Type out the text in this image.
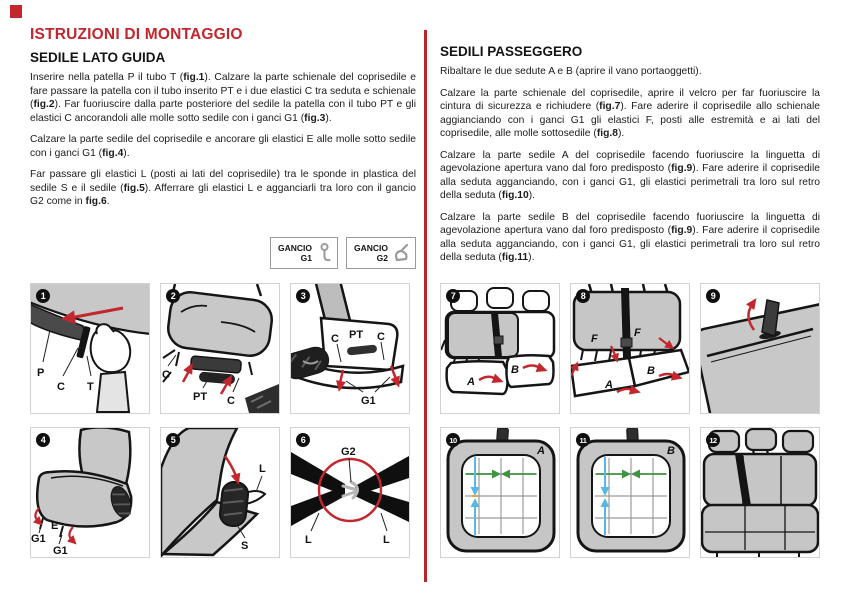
ISTRUZIONI DI MONTAGGIO
SEDILE LATO GUIDA

Inserire nella patella P il tubo T (fig.1). Calzare la parte schienale del coprisedile e fare passare la patella con il tubo inserito PT e i due elastici C tra seduta e schienale (fig.2). Far fuoriuscire dalla parte posteriore del sedile la patella con il tubo PT e gli elastici C ancorandoli alle molle sotto sedile con i ganci G1 (fig.3).

Calzare la parte sedile del coprisedile e ancorare gli elastici E alle molle sotto sedile con i ganci G1 (fig.4).

Far passare gli elastici L (posti ai lati del coprisedile) tra le sponde in plastica del sedile S e il sedile (fig.5). Afferrare gli elastici L e agganciarli tra loro con il gancio G2 come in fig.6.

GANCIO
G1
GANCIO
G2
SEDILI PASSEGGERO

Ribaltare le due sedute A e B (aprire il vano portaoggetti).

Calzare la parte schienale del coprisedile, aprire il velcro per far fuoriuscire la cintura di sicurezza e richiudere (fig.7). Fare aderire il coprisedile allo schienale aggianciando con i ganci G1 gli elastici F, posti alle estremità e ai lati del coprisedile, alle molle sottosedile (fig.8).

Calzare la parte sedile A del coprisedile facendo fuoriuscire la linguetta di agevolazione apertura vano dal foro predisposto (fig.9). Fare aderire il coprisedile alla seduta agganciando, con i ganci G1, gli elastici perimetrali tra loro sul retro della seduta (fig.10).

Calzare la parte sedile B del coprisedile facendo fuoriuscire la linguetta di agevolazione apertura vano dal foro predisposto (fig.9). Fare aderire il coprisedile alla seduta agganciando, con i ganci G1, gli elastici perimetrali tra loro sul retro della seduta (fig.11).

1
P
C T
2
C
PT C
3
C PT C
G1
4
G1
E
G1
5
L
S
6
G2
L	L
7
A
B
8
F	F
A
B
9
10
A
11
B
12
